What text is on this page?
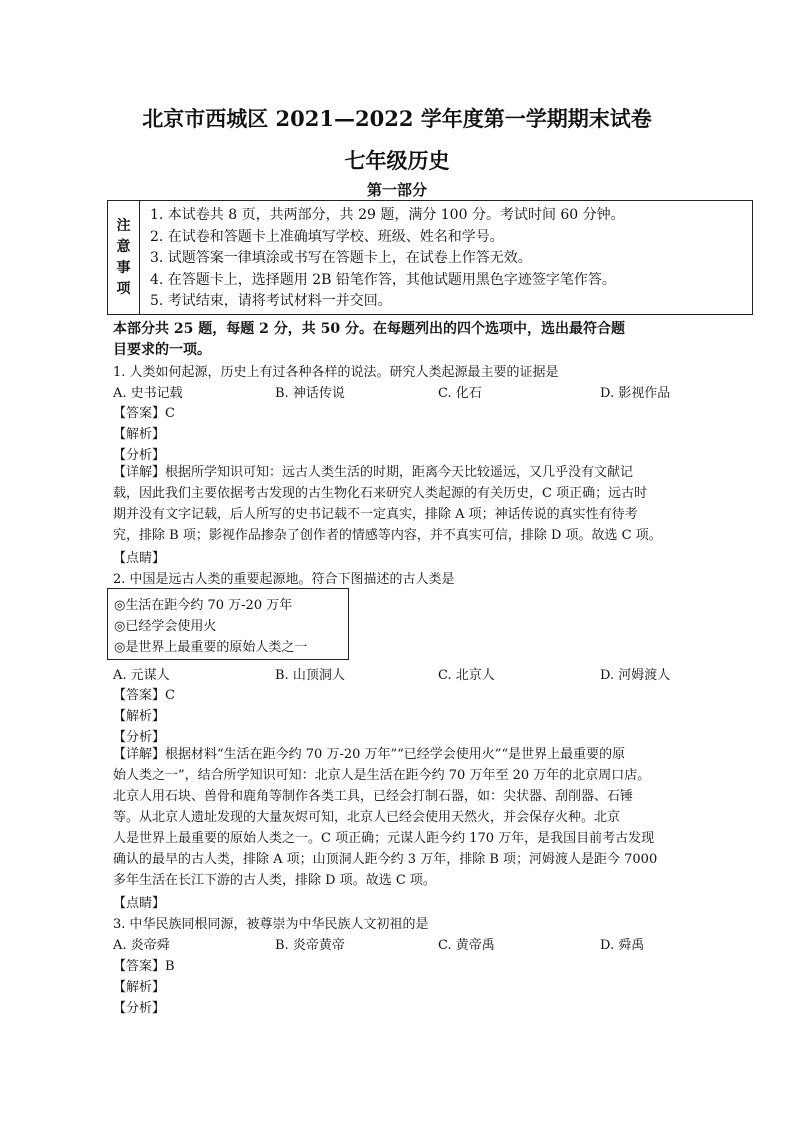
北京市西城区 2021—2022 学年度第一学期期末试卷
七年级历史
第一部分
注
意
事
项
1. 本试卷共 8 页，共两部分，共 29 题，满分 100 分。考试时间 60 分钟。
2. 在试卷和答题卡上准确填写学校、班级、姓名和学号。
3. 试题答案一律填涂或书写在答题卡上，在试卷上作答无效。
4. 在答题卡上，选择题用 2B 铅笔作答，其他试题用黑色字迹签字笔作答。
5. 考试结束，请将考试材料一并交回。
本部分共 25 题，每题 2 分，共 50 分。在每题列出的四个选项中，选出最符合题
目要求的一项。
1. 人类如何起源，历史上有过各种各样的说法。研究人类起源最主要的证据是
A. 史书记载	B. 神话传说	C. 化石	D. 影视作品
【答案】C
【解析】
【分析】
【详解】根据所学知识可知：远古人类生活的时期，距离今天比较遥远，又几乎没有文献记
载，因此我们主要依据考古发现的古生物化石来研究人类起源的有关历史，C 项正确；远古时
期并没有文字记载，后人所写的史书记载不一定真实，排除 A 项；神话传说的真实性有待考
究，排除 B 项；影视作品掺杂了创作者的情感等内容，并不真实可信，排除 D 项。故选 C 项。
【点睛】
2. 中国是远古人类的重要起源地。符合下图描述的古人类是
◎生活在距今约 70 万-20 万年
◎已经学会使用火
◎是世界上最重要的原始人类之一
A. 元谋人	B. 山顶洞人	C. 北京人	D. 河姆渡人
【答案】C
【解析】
【分析】
【详解】根据材料“生活在距今约 70 万-20 万年”“已经学会使用火”“是世界上最重要的原
始人类之一”，结合所学知识可知：北京人是生活在距今约 70 万年至 20 万年的北京周口店。
北京人用石块、兽骨和鹿角等制作各类工具，已经会打制石器，如：尖状器、刮削器、石锤
等。从北京人遗址发现的大量灰烬可知，北京人已经会使用天然火，并会保存火种。北京
人是世界上最重要的原始人类之一。C 项正确；元谋人距今约 170 万年，是我国目前考古发现
确认的最早的古人类，排除 A 项；山顶洞人距今约 3 万年，排除 B 项；河姆渡人是距今 7000
多年生活在长江下游的古人类，排除 D 项。故选 C 项。
【点睛】
3. 中华民族同根同源，被尊崇为中华民族人文初祖的是
A. 炎帝舜	B. 炎帝黄帝	C. 黄帝禹	D. 舜禹
【答案】B
【解析】
【分析】
